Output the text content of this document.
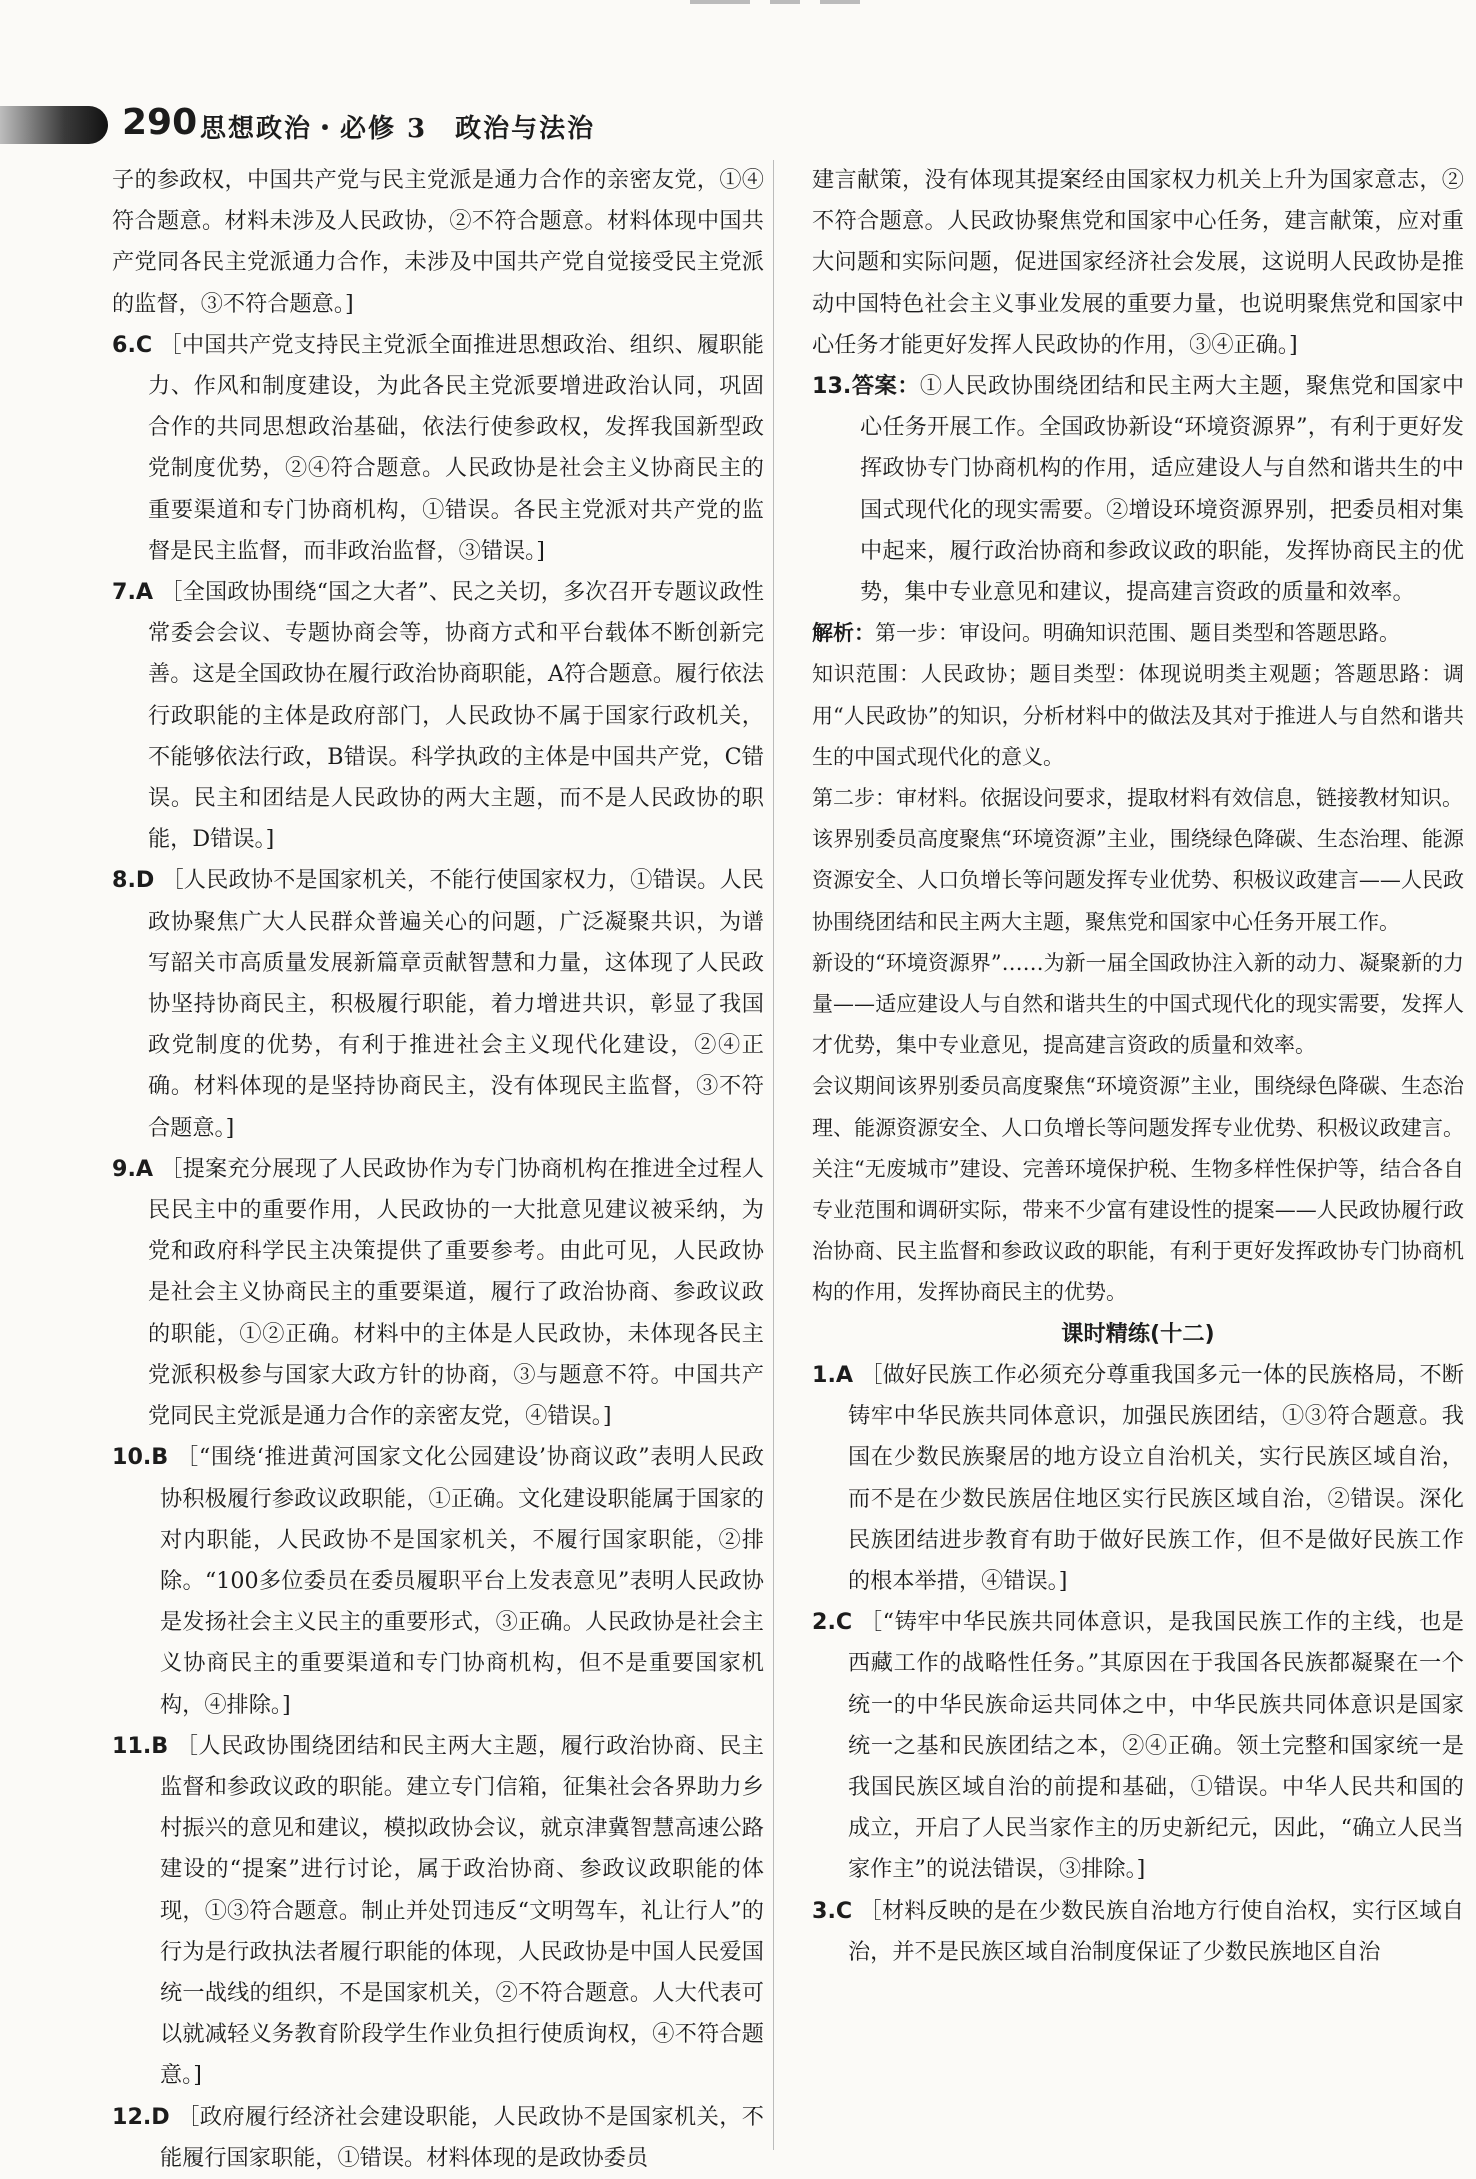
290 思想政治・必修 3　政治与法治

子的参政权，中国共产党与民主党派是通力合作的亲密友党，①④符合题意。材料未涉及人民政协，②不符合题意。材料体现中国共产党同各民主党派通力合作，未涉及中国共产党自觉接受民主党派的监督，③不符合题意。]

6.C ［中国共产党支持民主党派全面推进思想政治、组织、履职能力、作风和制度建设，为此各民主党派要增进政治认同，巩固合作的共同思想政治基础，依法行使参政权，发挥我国新型政党制度优势，②④符合题意。人民政协是社会主义协商民主的重要渠道和专门协商机构，①错误。各民主党派对共产党的监督是民主监督，而非政治监督，③错误。]

7.A ［全国政协围绕“国之大者”、民之关切，多次召开专题议政性常委会会议、专题协商会等，协商方式和平台载体不断创新完善。这是全国政协在履行政治协商职能，A符合题意。履行依法行政职能的主体是政府部门，人民政协不属于国家行政机关，不能够依法行政，B错误。科学执政的主体是中国共产党，C错误。民主和团结是人民政协的两大主题，而不是人民政协的职能，D错误。]

8.D ［人民政协不是国家机关，不能行使国家权力，①错误。人民政协聚焦广大人民群众普遍关心的问题，广泛凝聚共识，为谱写韶关市高质量发展新篇章贡献智慧和力量，这体现了人民政协坚持协商民主，积极履行职能，着力增进共识，彰显了我国政党制度的优势，有利于推进社会主义现代化建设，②④正确。材料体现的是坚持协商民主，没有体现民主监督，③不符合题意。]

9.A ［提案充分展现了人民政协作为专门协商机构在推进全过程人民民主中的重要作用，人民政协的一大批意见建议被采纳，为党和政府科学民主决策提供了重要参考。由此可见，人民政协是社会主义协商民主的重要渠道，履行了政治协商、参政议政的职能，①②正确。材料中的主体是人民政协，未体现各民主党派积极参与国家大政方针的协商，③与题意不符。中国共产党同民主党派是通力合作的亲密友党，④错误。]

10.B ［“围绕‘推进黄河国家文化公园建设’协商议政”表明人民政协积极履行参政议政职能，①正确。文化建设职能属于国家的对内职能，人民政协不是国家机关，不履行国家职能，②排除。“100多位委员在委员履职平台上发表意见”表明人民政协是发扬社会主义民主的重要形式，③正确。人民政协是社会主义协商民主的重要渠道和专门协商机构，但不是重要国家机构，④排除。]

11.B ［人民政协围绕团结和民主两大主题，履行政治协商、民主监督和参政议政的职能。建立专门信箱，征集社会各界助力乡村振兴的意见和建议，模拟政协会议，就京津冀智慧高速公路建设的“提案”进行讨论，属于政治协商、参政议政职能的体现，①③符合题意。制止并处罚违反“文明驾车，礼让行人”的行为是行政执法者履行职能的体现，人民政协是中国人民爱国统一战线的组织，不是国家机关，②不符合题意。人大代表可以就减轻义务教育阶段学生作业负担行使质询权，④不符合题意。]

12.D ［政府履行经济社会建设职能，人民政协不是国家机关，不能履行国家职能，①错误。材料体现的是政协委员

建言献策，没有体现其提案经由国家权力机关上升为国家意志，②不符合题意。人民政协聚焦党和国家中心任务，建言献策，应对重大问题和实际问题，促进国家经济社会发展，这说明人民政协是推动中国特色社会主义事业发展的重要力量，也说明聚焦党和国家中心任务才能更好发挥人民政协的作用，③④正确。]

13.答案：①人民政协围绕团结和民主两大主题，聚焦党和国家中心任务开展工作。全国政协新设“环境资源界”，有利于更好发挥政协专门协商机构的作用，适应建设人与自然和谐共生的中国式现代化的现实需要。②增设环境资源界别，把委员相对集中起来，履行政治协商和参政议政的职能，发挥协商民主的优势，集中专业意见和建议，提高建言资政的质量和效率。

解析：第一步：审设问。明确知识范围、题目类型和答题思路。

知识范围：人民政协；题目类型：体现说明类主观题；答题思路：调用“人民政协”的知识，分析材料中的做法及其对于推进人与自然和谐共生的中国式现代化的意义。

第二步：审材料。依据设问要求，提取材料有效信息，链接教材知识。

该界别委员高度聚焦“环境资源”主业，围绕绿色降碳、生态治理、能源资源安全、人口负增长等问题发挥专业优势、积极议政建言——人民政协围绕团结和民主两大主题，聚焦党和国家中心任务开展工作。

新设的“环境资源界”……为新一届全国政协注入新的动力、凝聚新的力量——适应建设人与自然和谐共生的中国式现代化的现实需要，发挥人才优势，集中专业意见，提高建言资政的质量和效率。

会议期间该界别委员高度聚焦“环境资源”主业，围绕绿色降碳、生态治理、能源资源安全、人口负增长等问题发挥专业优势、积极议政建言。关注“无废城市”建设、完善环境保护税、生物多样性保护等，结合各自专业范围和调研实际，带来不少富有建设性的提案——人民政协履行政治协商、民主监督和参政议政的职能，有利于更好发挥政协专门协商机构的作用，发挥协商民主的优势。

课时精练(十二)

1.A ［做好民族工作必须充分尊重我国多元一体的民族格局，不断铸牢中华民族共同体意识，加强民族团结，①③符合题意。我国在少数民族聚居的地方设立自治机关，实行民族区域自治，而不是在少数民族居住地区实行民族区域自治，②错误。深化民族团结进步教育有助于做好民族工作，但不是做好民族工作的根本举措，④错误。]

2.C ［“铸牢中华民族共同体意识，是我国民族工作的主线，也是西藏工作的战略性任务。”其原因在于我国各民族都凝聚在一个统一的中华民族命运共同体之中，中华民族共同体意识是国家统一之基和民族团结之本，②④正确。领土完整和国家统一是我国民族区域自治的前提和基础，①错误。中华人民共和国的成立，开启了人民当家作主的历史新纪元，因此，“确立人民当家作主”的说法错误，③排除。]

3.C ［材料反映的是在少数民族自治地方行使自治权，实行区域自治，并不是民族区域自治制度保证了少数民族地区自治
